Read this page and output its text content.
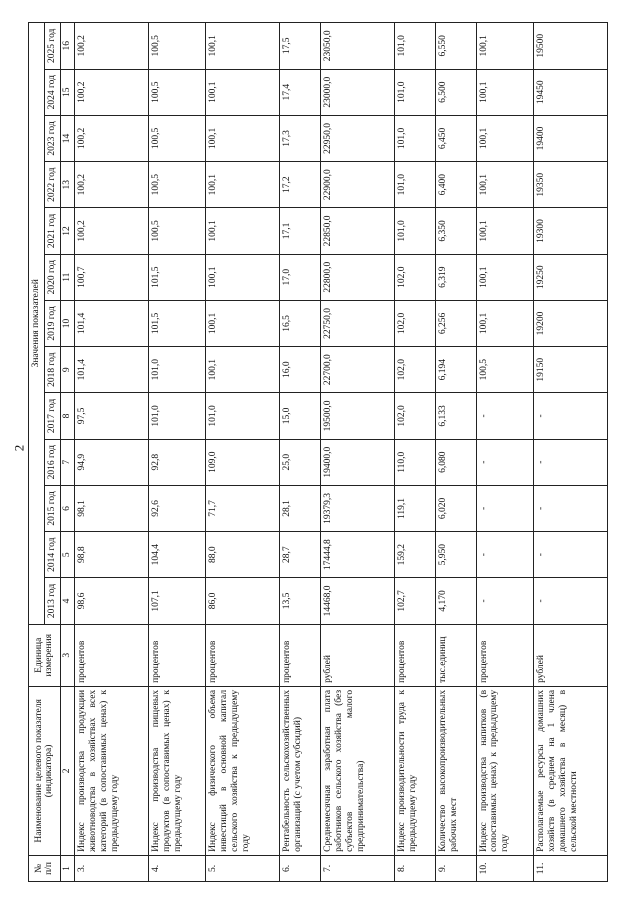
2
№ п/п	Наименование целевого показателя (индикатора)	Единица измерения	Значения показателей												
			2013 год	2014 год	2015 год	2016 год	2017 год	2018 год	2019 год	2020 год	2021 год	2022 год	2023 год	2024 год	2025 год
1	2	3	4	5	6	7	8	9	10	11	12	13	14	15	16
3.	Индекс производства продукции животноводства в хозяйствах всех категорий (в сопоставимых ценах) к предыдущему году	процентов	98,6	98,8	98,1	94,9	97,5	101,4	101,4	100,7	100,2	100,2	100,2	100,2	100,2
4.	Индекс производства пищевых продуктов (в сопоставимых ценах) к предыдущему году	процентов	107,1	104,4	92,6	92,8	101,0	101,0	101,5	101,5	100,5	100,5	100,5	100,5	100,5
5.	Индекс физического объема инвестиций в основной капитал сельского хозяйства к предыдущему году	процентов	86,0	88,0	71,7	109,0	101,0	100,1	100,1	100,1	100,1	100,1	100,1	100,1	100,1
6.	Рентабельность сельскохозяйственных организаций (с учетом субсидий)	процентов	13,5	28,7	28,1	25,0	15,0	16,0	16,5	17,0	17,1	17,2	17,3	17,4	17,5
7.	Среднемесячная заработная плата работников сельского хозяйства (без субъектов малого предпринимательства)	рублей	14468,0	17444,8	19379,3	19400,0	19500,0	22700,0	22750,0	22800,0	22850,0	22900,0	22950,0	23000,0	23050,0
8.	Индекс производительности труда к предыдущему году	процентов	102,7	159,2	119,1	110,0	102,0	102,0	102,0	102,0	101,0	101,0	101,0	101,0	101,0
9.	Количество высокопроизводительных рабочих мест	тыс.единиц	4,170	5,950	6,020	6,080	6,133	6,194	6,256	6,319	6,350	6,400	6,450	6,500	6,550
10.	Индекс производства напитков (в сопоставимых ценах) к предыдущему году	процентов	-	-	-	-	-	100,5	100,1	100,1	100,1	100,1	100,1	100,1	100,1
11.	Располагаемые ресурсы домашних хозяйств (в среднем на 1 члена домашнего хозяйства в месяц) в сельской местности	рублей	-	-	-	-	-	19150	19200	19250	19300	19350	19400	19450	19500
